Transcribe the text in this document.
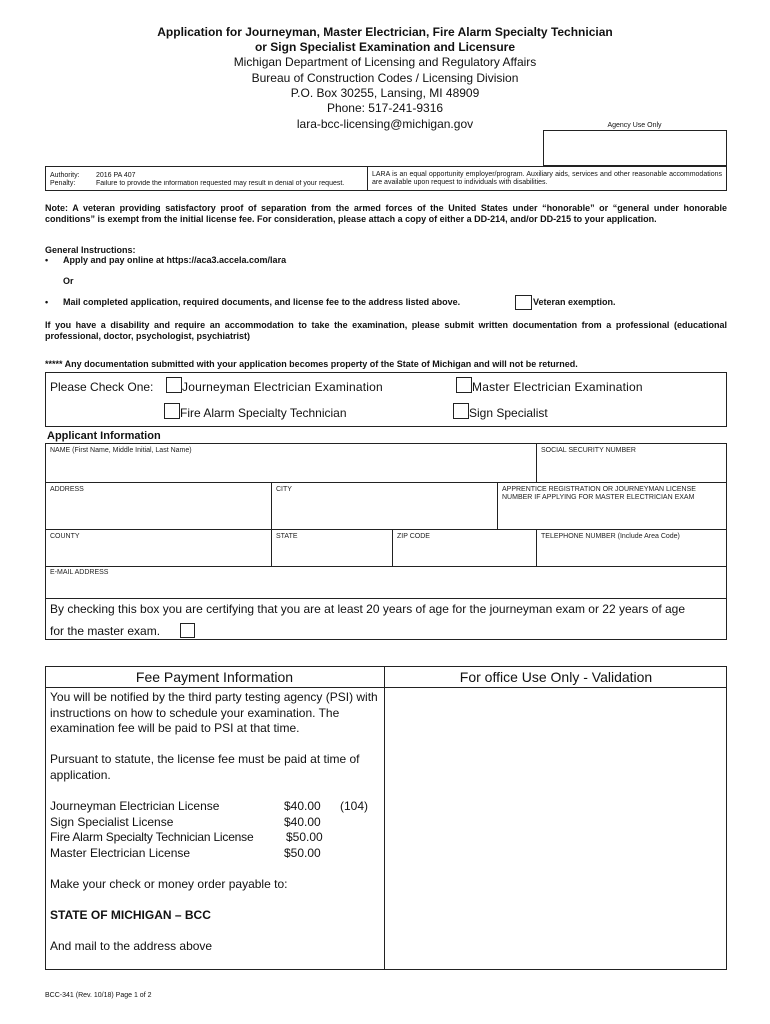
Application for Journeyman, Master Electrician, Fire Alarm Specialty Technician
or Sign Specialist Examination and Licensure
Michigan Department of Licensing and Regulatory Affairs
Bureau of Construction Codes / Licensing Division
P.O. Box 30255, Lansing, MI 48909
Phone: 517-241-9316
lara-bcc-licensing@michigan.gov	Agency Use Only
Authority: 2016 PA 407
Penalty:	Failure to provide the information requested may result in denial of your request.
LARA is an equal opportunity employer/program. Auxiliary aids, services and other reasonable accommodations are available upon request to individuals with disabilities.
Note: A veteran providing satisfactory proof of separation from the armed forces of the United States under “honorable” or “general under honorable conditions” is exempt from the initial license fee. For consideration, please attach a copy of either a DD-214, and/or DD-215 to your application.
General Instructions:
• Apply and pay online at https://aca3.accela.com/lara
Or
• Mail completed application, required documents, and license fee to the address listed above.	Veteran exemption.
If you have a disability and require an accommodation to take the examination, please submit written documentation from a professional (educational professional, doctor, psychologist, psychiatrist)
***** Any documentation submitted with your application becomes property of the State of Michigan and will not be returned.
Please Check One: Journeyman Electrician Examination	Master Electrician Examination
Fire Alarm Specialty Technician	Sign Specialist
Applicant Information
NAME (First Name, Middle Initial, Last Name)	SOCIAL SECURITY NUMBER
ADDRESS	CITY	APPRENTICE REGISTRATION OR JOURNEYMAN LICENSE NUMBER IF APPLYING FOR MASTER ELECTRICIAN EXAM
COUNTY	STATE	ZIP CODE	TELEPHONE NUMBER (Include Area Code)
E-MAIL ADDRESS
By checking this box you are certifying that you are at least 20 years of age for the journeyman exam or 22 years of age
for the master exam.
Fee Payment Information	For office Use Only - Validation
You will be notified by the third party testing agency (PSI) with instructions on how to schedule your examination. The examination fee will be paid to PSI at that time.
Pursuant to statute, the license fee must be paid at time of application.
Journeyman Electrician License	$40.00 (104)
Sign Specialist License	$40.00
Fire Alarm Specialty Technician License	$50.00
Master Electrician License	$50.00
Make your check or money order payable to:
STATE OF MICHIGAN – BCC
And mail to the address above
BCC-341 (Rev. 10/18) Page 1 of 2
